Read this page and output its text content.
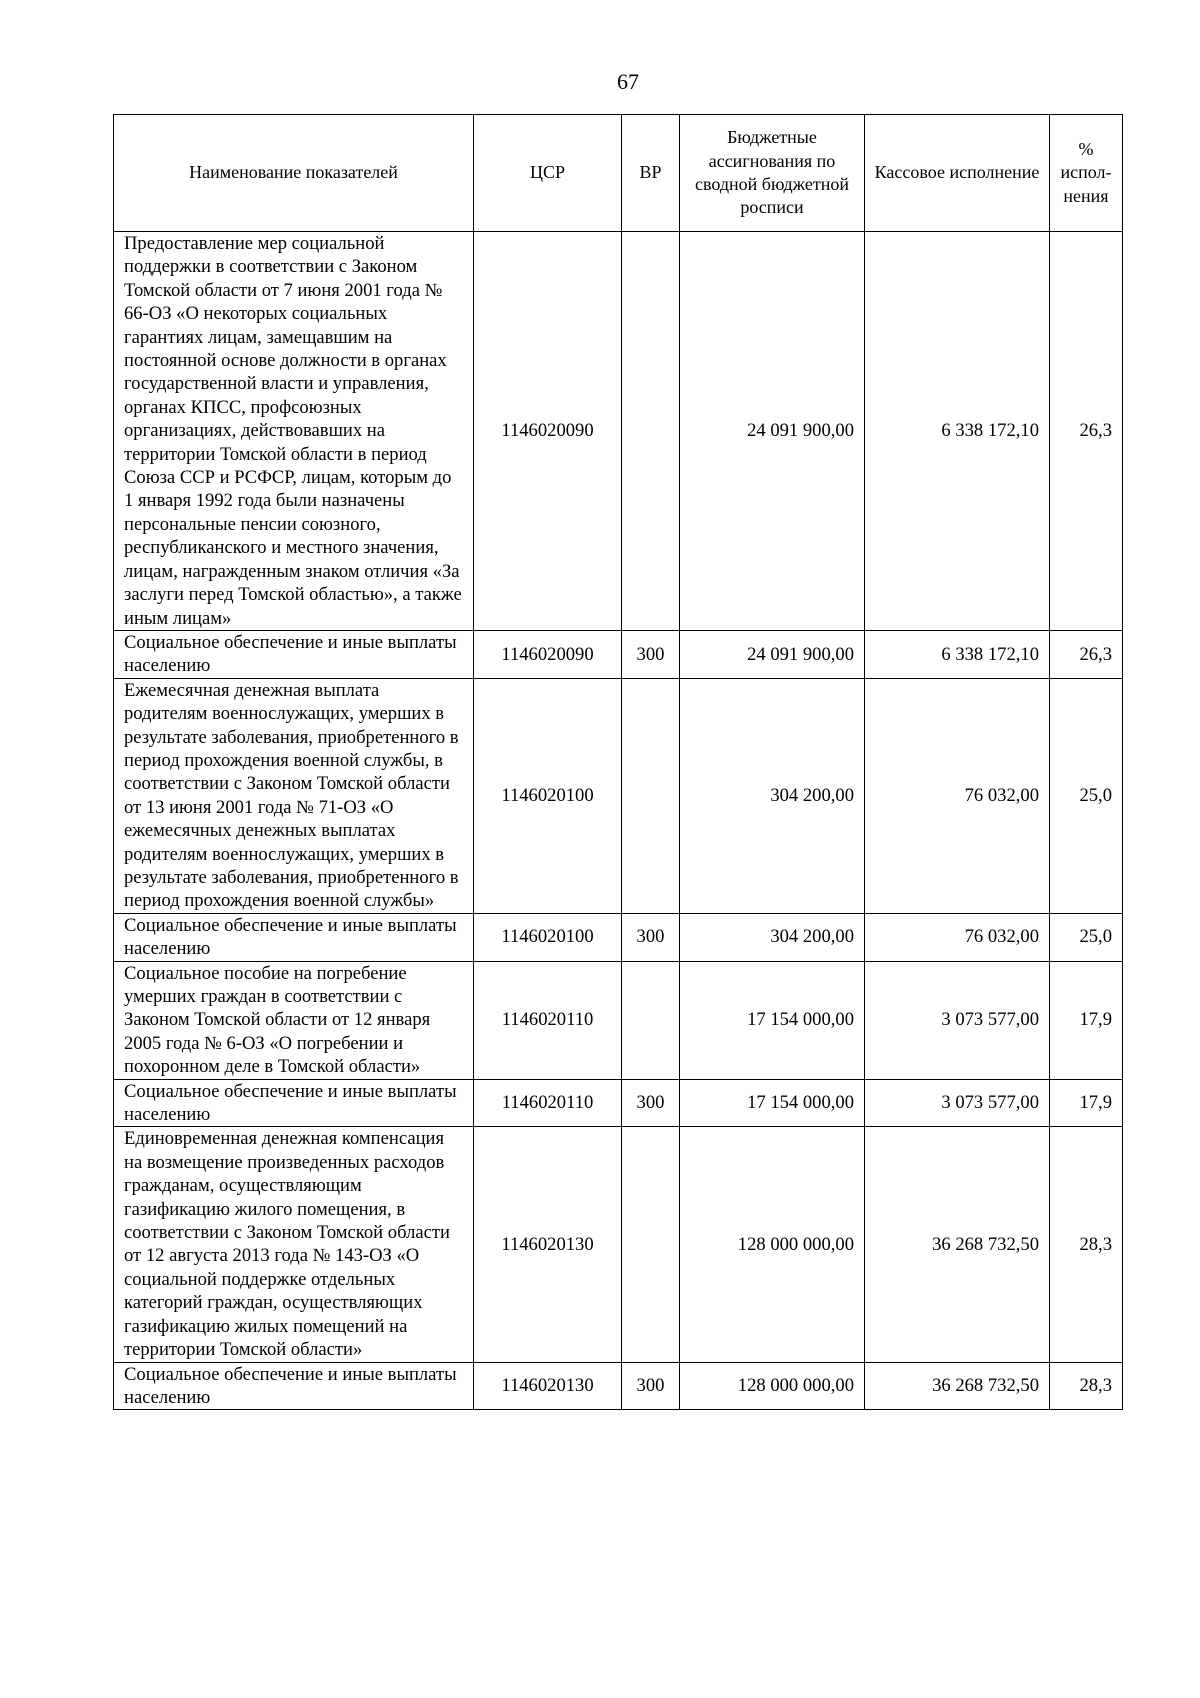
67
Наименование показателей	ЦСР	ВР	Бюджетные ассигнования по сводной бюджетной росписи	Кассовое исполнение	% испол-нения
Предоставление мер социальной поддержки в соответствии с Законом Томской области от 7 июня 2001 года № 66-ОЗ «О некоторых социальных гарантиях лицам, замещавшим на постоянной основе должности в органах государственной власти и управления, органах КПСС, профсоюзных организациях, действовавших на территории Томской области в период Союза ССР и РСФСР, лицам, которым до 1 января 1992 года были назначены персональные пенсии союзного, республиканского и местного значения, лицам, награжденным знаком отличия «За заслуги перед Томской областью», а также иным лицам»	1146020090		24 091 900,00	6 338 172,10	26,3
Социальное обеспечение и иные выплаты населению	1146020090	300	24 091 900,00	6 338 172,10	26,3
Ежемесячная денежная выплата родителям военнослужащих, умерших в результате заболевания, приобретенного в период прохождения военной службы, в соответствии с Законом Томской области от 13 июня 2001 года № 71-ОЗ «О ежемесячных денежных выплатах родителям военнослужащих, умерших в результате заболевания, приобретенного в период прохождения военной службы»	1146020100		304 200,00	76 032,00	25,0
Социальное обеспечение и иные выплаты населению	1146020100	300	304 200,00	76 032,00	25,0
Социальное пособие на погребение умерших граждан в соответствии с Законом Томской области от 12 января 2005 года № 6-ОЗ «О погребении и похоронном деле в Томской области»	1146020110		17 154 000,00	3 073 577,00	17,9
Социальное обеспечение и иные выплаты населению	1146020110	300	17 154 000,00	3 073 577,00	17,9
Единовременная денежная компенсация на возмещение произведенных расходов гражданам, осуществляющим газификацию жилого помещения, в соответствии с Законом Томской области от 12 августа 2013 года № 143-ОЗ «О социальной поддержке отдельных категорий граждан, осуществляющих газификацию жилых помещений на территории Томской области»	1146020130		128 000 000,00	36 268 732,50	28,3
Социальное обеспечение и иные выплаты населению	1146020130	300	128 000 000,00	36 268 732,50	28,3
